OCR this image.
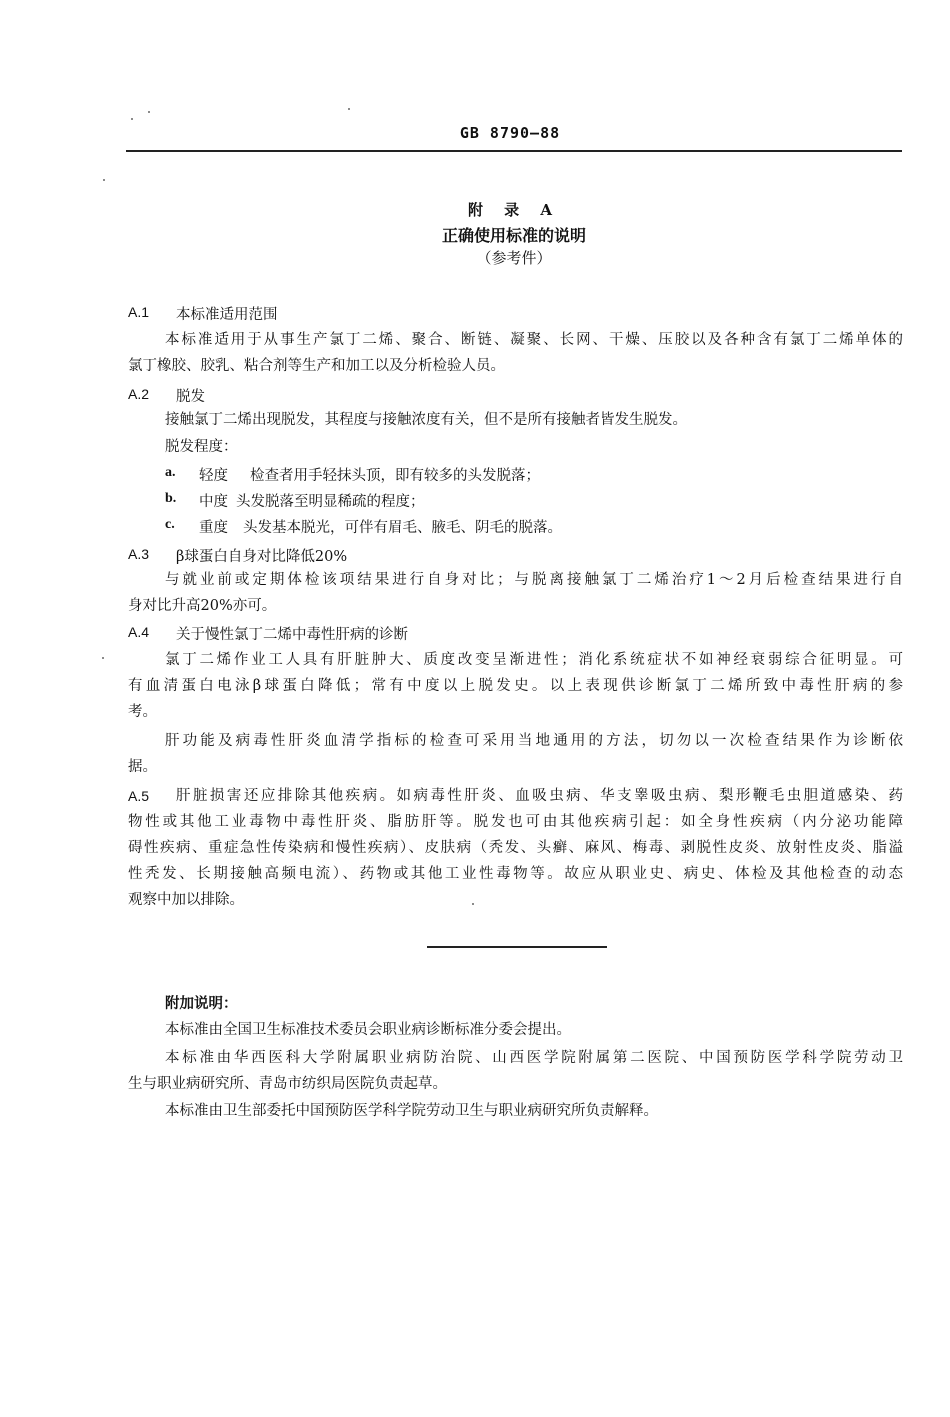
GB 8790—88
附 录 A
正确使用标准的说明
（参考件）
A.1 本标准适用范围
本标准适用于从事生产氯丁二烯、聚合、断链、凝聚、长网、干燥、压胶以及各种含有氯丁二烯单体的
氯丁橡胶、胶乳、粘合剂等生产和加工以及分析检验人员。
A.2 脱发
接触氯丁二烯出现脱发，其程度与接触浓度有关，但不是所有接触者皆发生脱发。
脱发程度：
a. 轻度 检查者用手轻抹头顶，即有较多的头发脱落；
b. 中度 头发脱落至明显稀疏的程度；
c. 重度 头发基本脱光，可伴有眉毛、腋毛、阴毛的脱落。
A.3 β球蛋白自身对比降低20%
与就业前或定期体检该项结果进行自身对比；与脱离接触氯丁二烯治疗1～2月后检查结果进行自
身对比升高20%亦可。
A.4 关于慢性氯丁二烯中毒性肝病的诊断
氯丁二烯作业工人具有肝脏肿大、质度改变呈渐进性；消化系统症状不如神经衰弱综合征明显。可
有血清蛋白电泳β球蛋白降低；常有中度以上脱发史。以上表现供诊断氯丁二烯所致中毒性肝病的参
考。
肝功能及病毒性肝炎血清学指标的检查可采用当地通用的方法，切勿以一次检查结果作为诊断依
据。
A.5 肝脏损害还应排除其他疾病。如病毒性肝炎、血吸虫病、华支睾吸虫病、梨形鞭毛虫胆道感染、药
物性或其他工业毒物中毒性肝炎、脂肪肝等。脱发也可由其他疾病引起：如全身性疾病（内分泌功能障
碍性疾病、重症急性传染病和慢性疾病）、皮肤病（秃发、头癣、麻风、梅毒、剥脱性皮炎、放射性皮炎、脂溢
性秃发、长期接触高频电流）、药物或其他工业性毒物等。故应从职业史、病史、体检及其他检查的动态
观察中加以排除。
附加说明：
本标准由全国卫生标准技术委员会职业病诊断标准分委会提出。
本标准由华西医科大学附属职业病防治院、山西医学院附属第二医院、中国预防医学科学院劳动卫
生与职业病研究所、青岛市纺织局医院负责起草。
本标准由卫生部委托中国预防医学科学院劳动卫生与职业病研究所负责解释。
